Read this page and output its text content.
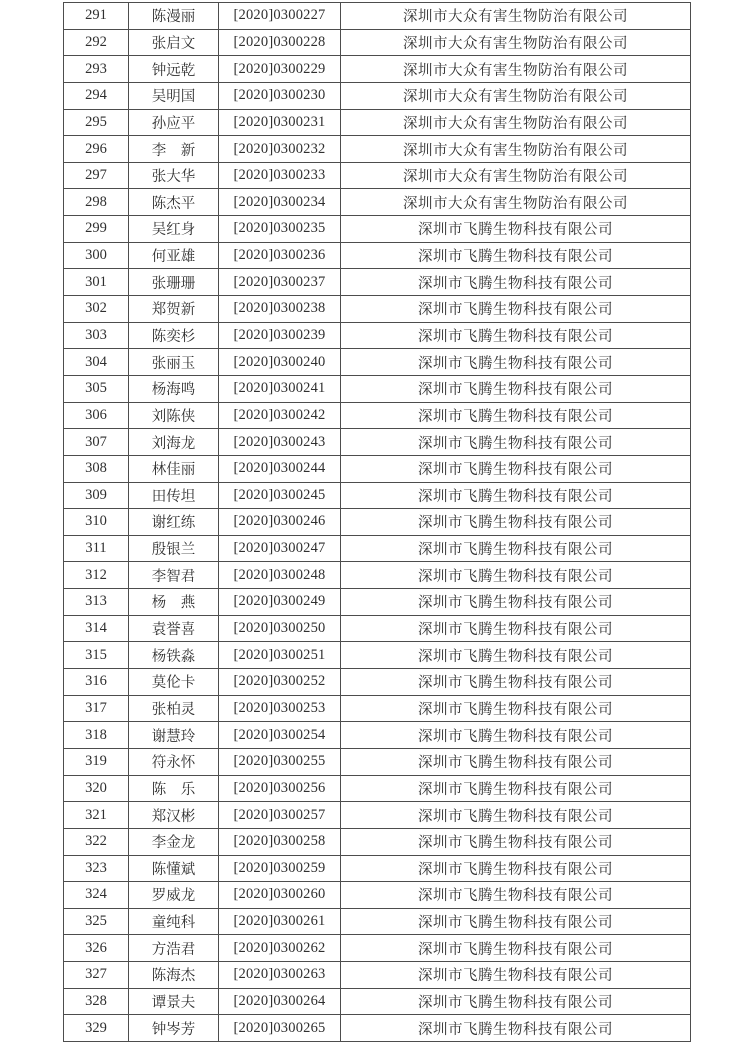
291	陈漫丽	[2020]0300227	深圳市大众有害生物防治有限公司
292	张启文	[2020]0300228	深圳市大众有害生物防治有限公司
293	钟远乾	[2020]0300229	深圳市大众有害生物防治有限公司
294	吴明国	[2020]0300230	深圳市大众有害生物防治有限公司
295	孙应平	[2020]0300231	深圳市大众有害生物防治有限公司
296	李　新	[2020]0300232	深圳市大众有害生物防治有限公司
297	张大华	[2020]0300233	深圳市大众有害生物防治有限公司
298	陈杰平	[2020]0300234	深圳市大众有害生物防治有限公司
299	吴红身	[2020]0300235	深圳市飞腾生物科技有限公司
300	何亚雄	[2020]0300236	深圳市飞腾生物科技有限公司
301	张珊珊	[2020]0300237	深圳市飞腾生物科技有限公司
302	郑贺新	[2020]0300238	深圳市飞腾生物科技有限公司
303	陈奕杉	[2020]0300239	深圳市飞腾生物科技有限公司
304	张丽玉	[2020]0300240	深圳市飞腾生物科技有限公司
305	杨海鸣	[2020]0300241	深圳市飞腾生物科技有限公司
306	刘陈侠	[2020]0300242	深圳市飞腾生物科技有限公司
307	刘海龙	[2020]0300243	深圳市飞腾生物科技有限公司
308	林佳丽	[2020]0300244	深圳市飞腾生物科技有限公司
309	田传坦	[2020]0300245	深圳市飞腾生物科技有限公司
310	谢红练	[2020]0300246	深圳市飞腾生物科技有限公司
311	殷银兰	[2020]0300247	深圳市飞腾生物科技有限公司
312	李智君	[2020]0300248	深圳市飞腾生物科技有限公司
313	杨　燕	[2020]0300249	深圳市飞腾生物科技有限公司
314	袁誉喜	[2020]0300250	深圳市飞腾生物科技有限公司
315	杨铁淼	[2020]0300251	深圳市飞腾生物科技有限公司
316	莫伦卡	[2020]0300252	深圳市飞腾生物科技有限公司
317	张柏灵	[2020]0300253	深圳市飞腾生物科技有限公司
318	谢慧玲	[2020]0300254	深圳市飞腾生物科技有限公司
319	符永怀	[2020]0300255	深圳市飞腾生物科技有限公司
320	陈　乐	[2020]0300256	深圳市飞腾生物科技有限公司
321	郑汉彬	[2020]0300257	深圳市飞腾生物科技有限公司
322	李金龙	[2020]0300258	深圳市飞腾生物科技有限公司
323	陈懂斌	[2020]0300259	深圳市飞腾生物科技有限公司
324	罗威龙	[2020]0300260	深圳市飞腾生物科技有限公司
325	童纯科	[2020]0300261	深圳市飞腾生物科技有限公司
326	方浩君	[2020]0300262	深圳市飞腾生物科技有限公司
327	陈海杰	[2020]0300263	深圳市飞腾生物科技有限公司
328	谭景夫	[2020]0300264	深圳市飞腾生物科技有限公司
329	钟岑芳	[2020]0300265	深圳市飞腾生物科技有限公司
